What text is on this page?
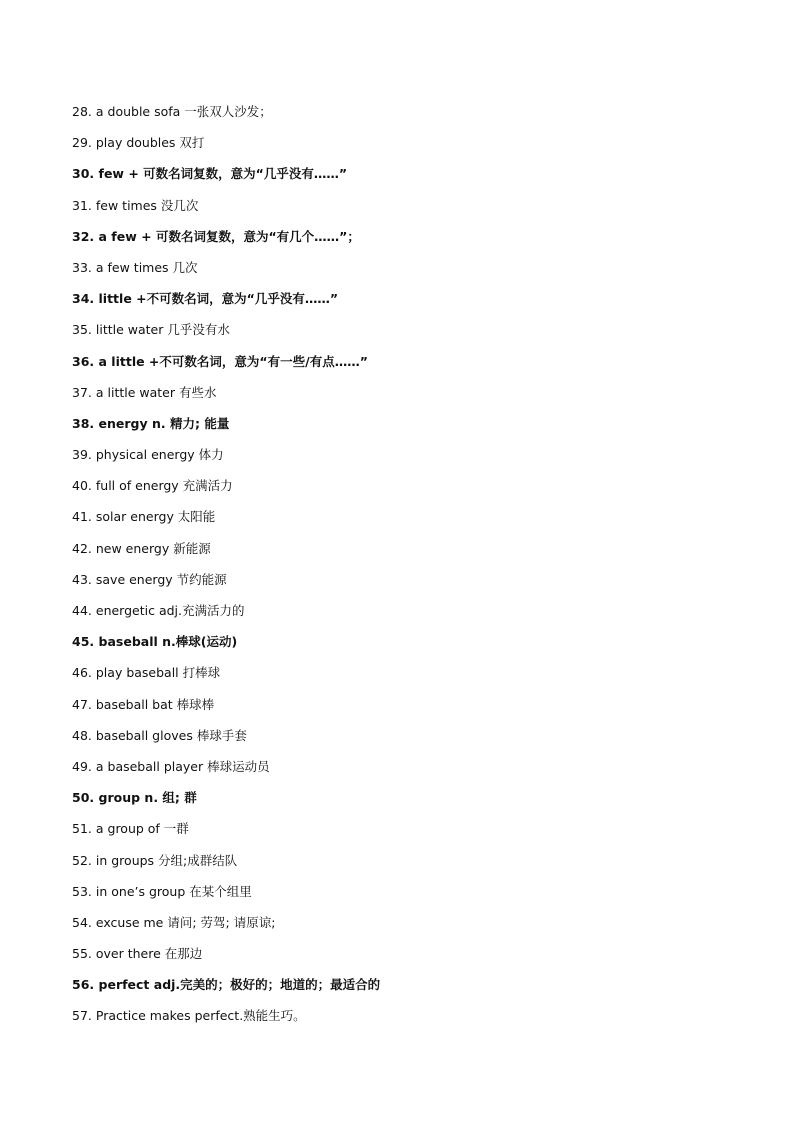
28. a double sofa 一张双人沙发；
29. play doubles 双打
30. few + 可数名词复数，意为“几乎没有……”
31. few times 没几次
32. a few + 可数名词复数，意为“有几个……”；
33. a few times 几次
34. little +不可数名词，意为“几乎没有……”
35. little water 几乎没有水
36. a little +不可数名词，意为“有一些/有点……”
37. a little water 有些水
38. energy n. 精力; 能量
39. physical energy 体力
40. full of energy 充满活力
41. solar energy 太阳能
42. new energy 新能源
43. save energy 节约能源
44. energetic adj.充满活力的
45. baseball n.棒球(运动)
46. play baseball 打棒球
47. baseball bat 棒球棒
48. baseball gloves 棒球手套
49. a baseball player 棒球运动员
50. group n. 组; 群
51. a group of 一群
52. in groups 分组;成群结队
53. in one’s group 在某个组里
54. excuse me 请问; 劳驾; 请原谅;
55. over there 在那边
56. perfect adj.完美的；极好的；地道的；最适合的
57. Practice makes perfect.熟能生巧。
